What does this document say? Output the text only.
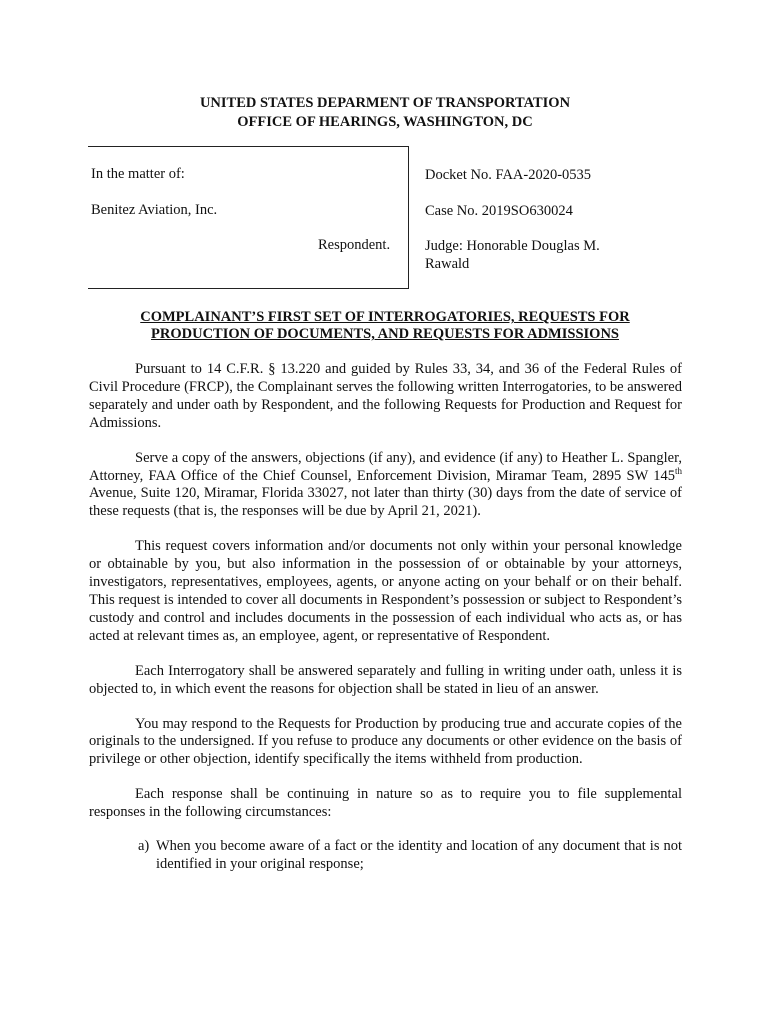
UNITED STATES DEPARMENT OF TRANSPORTATION
OFFICE OF HEARINGS, WASHINGTON, DC
In the matter of:
Benitez Aviation, Inc.
Respondent.
Docket No. FAA-2020-0535
Case No. 2019SO630024
Judge: Honorable Douglas M.
Rawald
COMPLAINANT’S FIRST SET OF INTERROGATORIES, REQUESTS FOR
PRODUCTION OF DOCUMENTS, AND REQUESTS FOR ADMISSIONS

Pursuant to 14 C.F.R. § 13.220 and guided by Rules 33, 34, and 36 of the Federal Rules of Civil Procedure (FRCP), the Complainant serves the following written Interrogatories, to be answered separately and under oath by Respondent, and the following Requests for Production and Request for Admissions.

Serve a copy of the answers, objections (if any), and evidence (if any) to Heather L. Spangler, Attorney, FAA Office of the Chief Counsel, Enforcement Division, Miramar Team, 2895 SW 145th Avenue, Suite 120, Miramar, Florida 33027, not later than thirty (30) days from the date of service of these requests (that is, the responses will be due by April 21, 2021).

This request covers information and/or documents not only within your personal knowledge or obtainable by you, but also information in the possession of or obtainable by your attorneys, investigators, representatives, employees, agents, or anyone acting on your behalf or on their behalf. This request is intended to cover all documents in Respondent’s possession or subject to Respondent’s custody and control and includes documents in the possession of each individual who acts as, or has acted at relevant times as, an employee, agent, or representative of Respondent.

Each Interrogatory shall be answered separately and fulling in writing under oath, unless it is objected to, in which event the reasons for objection shall be stated in lieu of an answer.

You may respond to the Requests for Production by producing true and accurate copies of the originals to the undersigned. If you refuse to produce any documents or other evidence on the basis of privilege or other objection, identify specifically the items withheld from production.

Each response shall be continuing in nature so as to require you to file supplemental responses in the following circumstances:

a) When you become aware of a fact or the identity and location of any document that is not identified in your original response;
